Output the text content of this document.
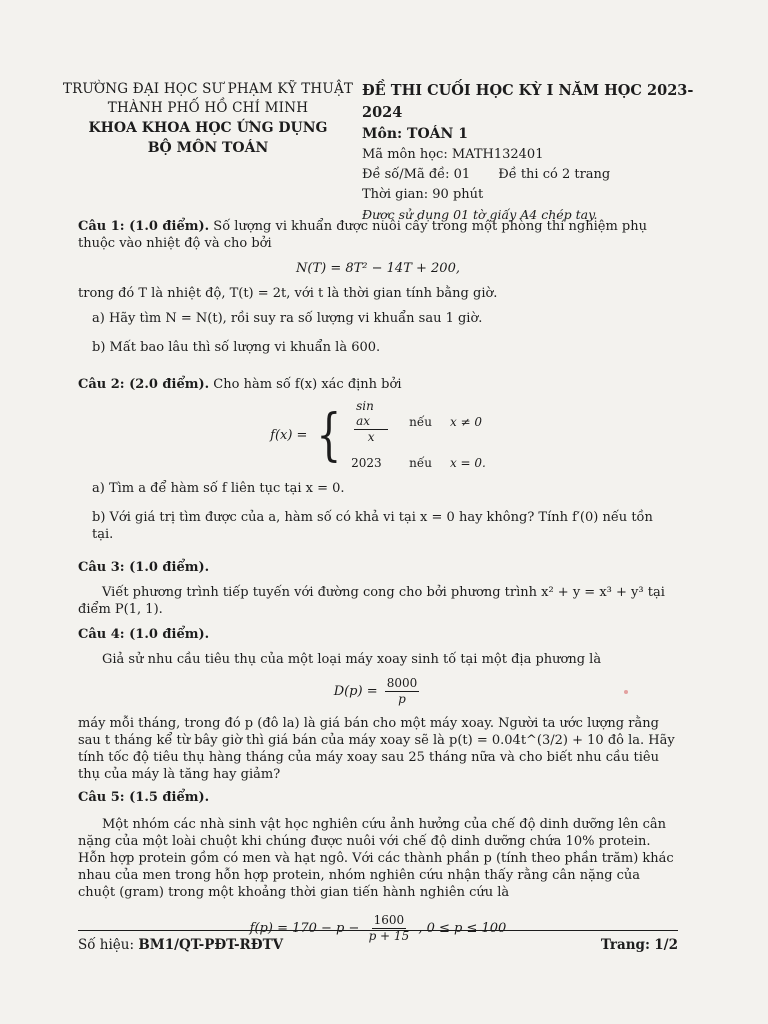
TRƯỜNG ĐẠI HỌC SƯ PHẠM KỸ THUẬT
THÀNH PHỐ HỒ CHÍ MINH
KHOA KHOA HỌC ỨNG DỤNG
BỘ MÔN TOÁN
ĐỀ THI CUỐI HỌC KỲ I NĂM HỌC 2023-2024
Môn: TOÁN 1
Mã môn học: MATH132401
Đề số/Mã đề: 01 Đề thi có 2 trang
Thời gian: 90 phút
Được sử dụng 01 tờ giấy A4 chép tay.

Câu 1: (1.0 điểm). Số lượng vi khuẩn được nuôi cấy trong một phòng thí nghiệm phụ thuộc vào nhiệt độ và cho bởi

N(T) = 8T² − 14T + 200,

trong đó T là nhiệt độ, T(t) = 2t, với t là thời gian tính bằng giờ.

a) Hãy tìm N = N(t), rồi suy ra số lượng vi khuẩn sau 1 giờ.

b) Mất bao lâu thì số lượng vi khuẩn là 600.

Câu 2: (2.0 điểm). Cho hàm số f(x) xác định bởi

f(x) = { $\frac{\text{sin ax}}{x}$ nếu x ≠ 0
2023	nếu x = 0.

a) Tìm a để hàm số f liên tục tại x = 0.

b) Với giá trị tìm được của a, hàm số có khả vi tại x = 0 hay không? Tính f′(0) nếu tồn tại.

Câu 3: (1.0 điểm).

Viết phương trình tiếp tuyến với đường cong cho bởi phương trình x² + y = x³ + y³ tại điểm P(1, 1).

Câu 4: (1.0 điểm).

Giả sử nhu cầu tiêu thụ của một loại máy xoay sinh tố tại một địa phương là

$D(p) = \frac{8000}{p}$

máy mỗi tháng, trong đó p (đô la) là giá bán cho một máy xoay. Người ta ước lượng rằng sau t tháng kể từ bây giờ thì giá bán của máy xoay sẽ là p(t) = 0.04t^(3/2) + 10 đô la. Hãy tính tốc độ tiêu thụ hàng tháng của máy xoay sau 25 tháng nữa và cho biết nhu cầu tiêu thụ của máy là tăng hay giảm?

Câu 5: (1.5 điểm).

Một nhóm các nhà sinh vật học nghiên cứu ảnh hưởng của chế độ dinh dưỡng lên cân nặng của một loài chuột khi chúng được nuôi với chế độ dinh dưỡng chứa 10% protein. Hỗn hợp protein gồm có men và hạt ngô. Với các thành phần p (tính theo phần trăm) khác nhau của men trong hỗn hợp protein, nhóm nghiên cứu nhận thấy rằng cân nặng của chuột (gram) trong một khoảng thời gian tiến hành nghiên cứu là

$f(p) = 170 - p - \frac{1600}{p + 15}$ , 0 ≤ p ≤ 100
Số hiệu: BM1/QT-PĐT-RĐTV	Trang: 1/2
